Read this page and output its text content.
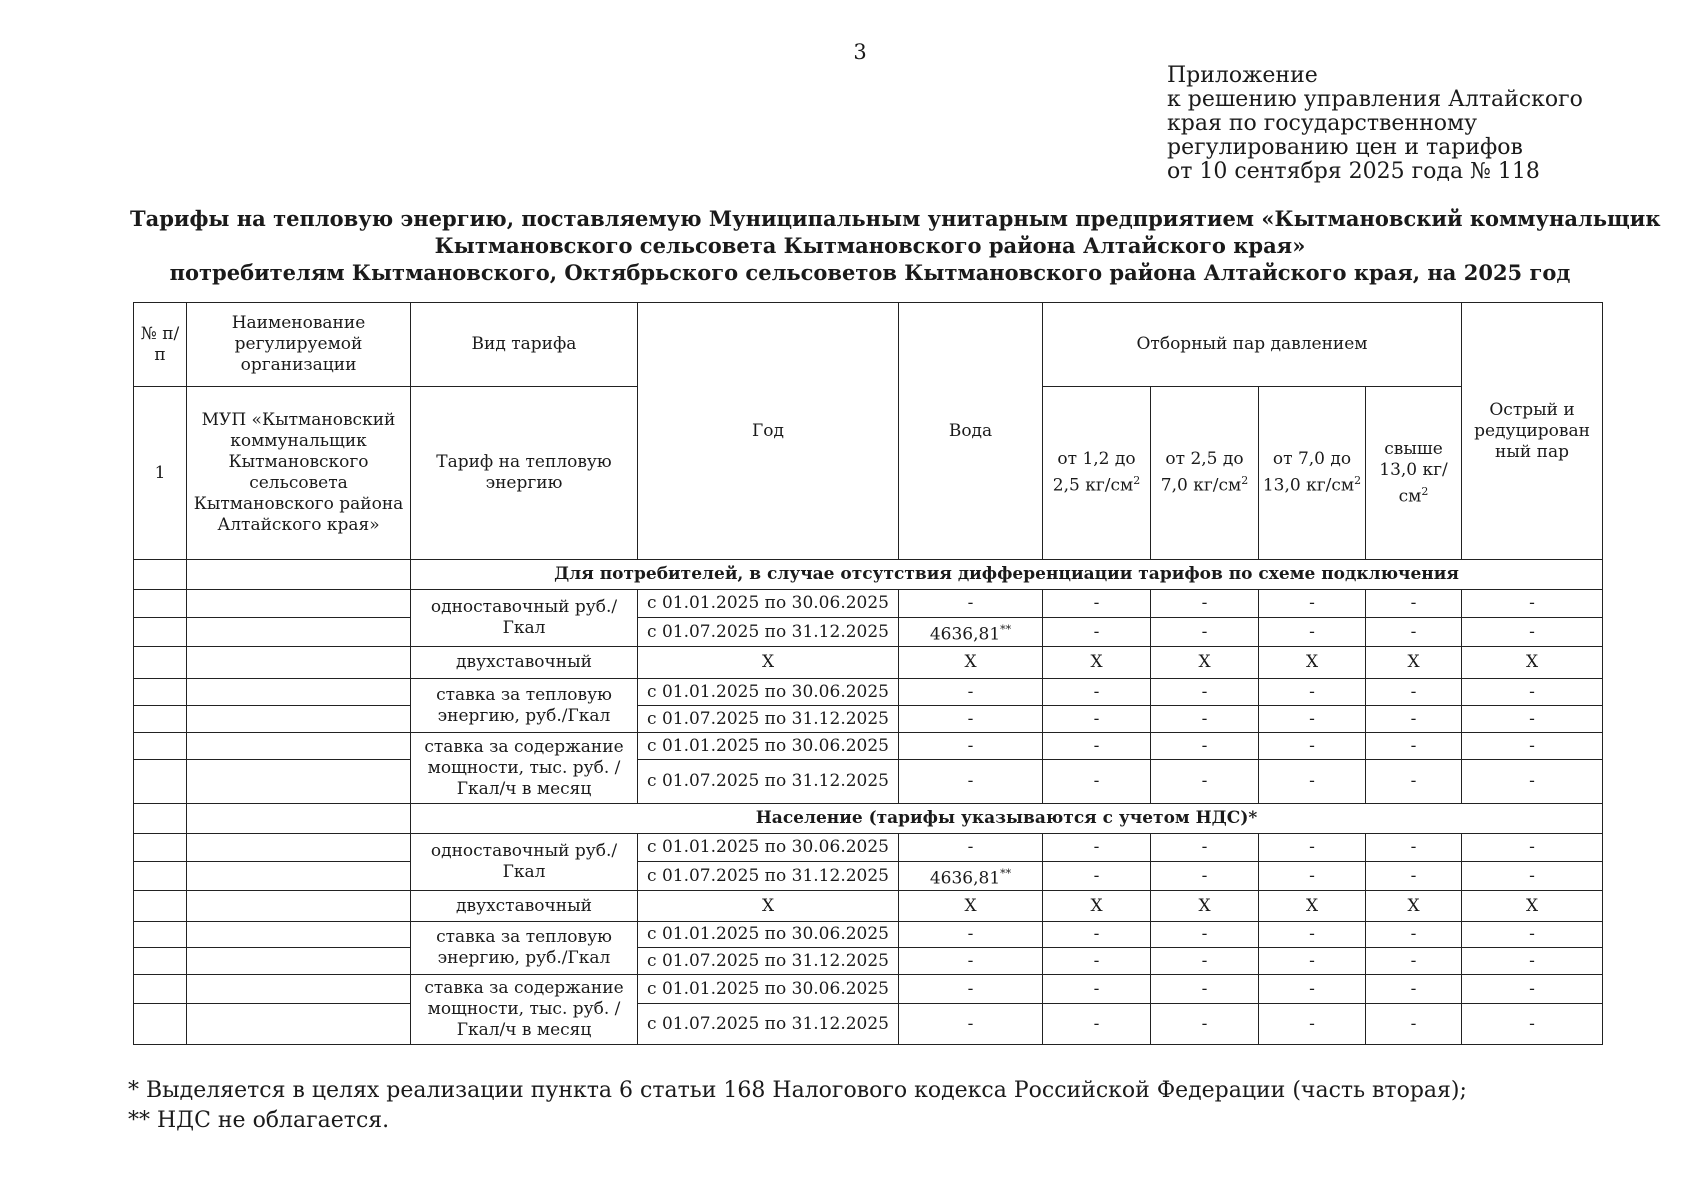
3
Приложение
к решению управления Алтайского
края по государственному
регулированию цен и тарифов
от 10 сентября 2025 года № 118
Тарифы на тепловую энергию, поставляемую Муниципальным унитарным предприятием «Кытмановский коммунальщик
Кытмановского сельсовета Кытмановского района Алтайского края»
потребителям Кытмановского, Октябрьского сельсоветов Кытмановского района Алтайского края, на 2025 год
№ п/п	Наименование регулируемой организации	Вид тарифа	Год	Вода	Отборный пар давлением				Острый и редуцирован ный пар
1	МУП «Кытмановский коммунальщик Кытмановского сельсовета Кытмановского района Алтайского края»	Тариф на тепловую энергию			от 1,2 до 2,5 $кг/см^2$	от 2,5 до 7,0 $кг/см^2$	от 7,0 до 13,0 $кг/см^2$	свыше 13,0 $кг/см^2$
		Для потребителей, в случае отсутствия дифференциации тарифов по схеме подключения							
		одноставочный руб./Гкал	с 01.01.2025 по 30.06.2025	-	-	-	-	-	-
			с 01.07.2025 по 31.12.2025	4636,81**	-	-	-	-	-
		двухставочный	Х	Х	Х	Х	Х	Х	Х
		ставка за тепловую энергию, руб./Гкал	с 01.01.2025 по 30.06.2025	-	-	-	-	-	-
			с 01.07.2025 по 31.12.2025	-	-	-	-	-	-
		ставка за содержание мощности, тыс. руб. /Гкал/ч в месяц	с 01.01.2025 по 30.06.2025	-	-	-	-	-	-
			с 01.07.2025 по 31.12.2025	-	-	-	-	-	-
		Население (тарифы указываются с учетом НДС)*							
		одноставочный руб./Гкал	с 01.01.2025 по 30.06.2025	-	-	-	-	-	-
			с 01.07.2025 по 31.12.2025	4636,81**	-	-	-	-	-
		двухставочный	Х	Х	Х	Х	Х	Х	Х
		ставка за тепловую энергию, руб./Гкал	с 01.01.2025 по 30.06.2025	-	-	-	-	-	-
			с 01.07.2025 по 31.12.2025	-	-	-	-	-	-
		ставка за содержание мощности, тыс. руб. /Гкал/ч в месяц	с 01.01.2025 по 30.06.2025	-	-	-	-	-	-
			с 01.07.2025 по 31.12.2025	-	-	-	-	-	-
* Выделяется в целях реализации пункта 6 статьи 168 Налогового кодекса Российской Федерации (часть вторая);
** НДС не облагается.
